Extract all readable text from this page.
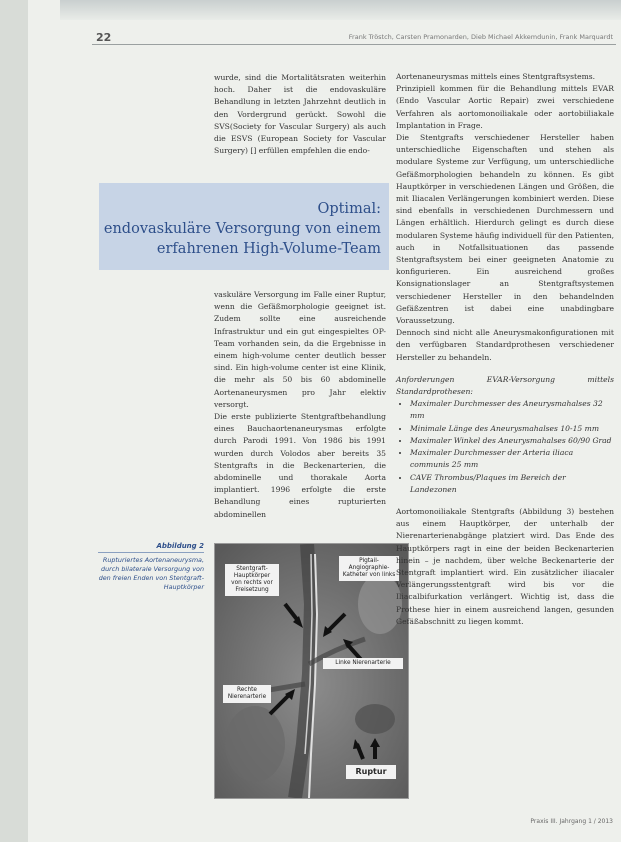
22	Frank Tröstch, Carsten Pramonarden, Dieb Michael Akkemdunin, Frank Marquardt

wurde, sind die Mortalitätsraten weiterhin hoch. Daher ist die endovaskuläre Behandlung in letzten Jahrzehnt deutlich in den Vordergrund gerückt. Sowohl die SVS(Society for Vascular Surgery) als auch die ESVS (European Society for Vascular Surgery) [] erfüllen empfehlen die endo-

Optimal:
endovaskuläre Versorgung von einem
erfahrenen High-Volume-Team

vaskuläre Versorgung im Falle einer Ruptur, wenn die Gefäßmorphologie geeignet ist. Zudem sollte eine ausreichende Infrastruktur und ein gut eingespieltes OP-Team vorhanden sein, da die Ergebnisse in einem high-volume center deutlich besser sind. Ein high-volume center ist eine Klinik, die mehr als 50 bis 60 abdominelle Aortenaneurysmen pro Jahr elektiv versorgt.

Die erste publizierte Stentgraftbehandlung eines Bauchaortenaneurysmas erfolgte durch Parodi 1991. Von 1986 bis 1991 wurden durch Volodos aber bereits 35 Stentgrafts in die Beckenarterien, die abdominelle und thorakale Aorta implantiert. 1996 erfolgte die erste Behandlung eines rupturierten abdominellen

Abbildung 2
Rupturiertes Aortenaneurysma, durch bilaterale Versorgung von den freien Enden von Stentgraft-Hauptkörper
Stentgraft-Hauptkörper von rechts vor Freisetzung
Pigtail-Angiographie-Katheter von links
Linke Nierenarterie
Rechte Nierenarterie
Ruptur

Aortenaneurysmas mittels eines Stentgraftsystems.

Prinzipiell kommen für die Behandlung mittels EVAR (Endo Vascular Aortic Repair) zwei verschiedene Verfahren als aortomonoiliakale oder aortobiiliakale Implantation in Frage.

Die Stentgrafts verschiedener Hersteller haben unterschiedliche Eigenschaften und stehen als modulare Systeme zur Verfügung, um unterschiedliche Gefäßmorphologien behandeln zu können. Es gibt Hauptkörper in verschiedenen Längen und Größen, die mit Iliacalen Verlängerungen kombiniert werden. Diese sind ebenfalls in verschiedenen Durchmessern und Längen erhältlich. Hierdurch gelingt es durch diese modularen Systeme häufig individuell für den Patienten, auch in Notfallsituationen das passende Stentgraftsystem bei einer geeigneten Anatomie zu konfigurieren. Ein ausreichend großes Konsignationslager an Stentgraftsystemen verschiedener Hersteller in den behandelnden Gefäßzentren ist dabei eine unabdingbare Voraussetzung.

Dennoch sind nicht alle Aneurysmakonfigurationen mit den verfügbaren Standardprothesen verschiedener Hersteller zu behandeln.

Anforderungen EVAR-Versorgung mittels Standardprothesen:

• Maximaler Durchmesser des Aneurysmahalses 32 mm
• Minimale Länge des Aneurysmahalses 10-15 mm
• Maximaler Winkel des Aneurysmahalses 60/90 Grad
• Maximaler Durchmesser der Arteria iliaca communis 25 mm
• CAVE Thrombus/Plaques im Bereich der Landezonen

Aortomonoiliakale Stentgrafts (Abbildung 3) bestehen aus einem Hauptkörper, der unterhalb der Nierenarterienabgänge platziert wird. Das Ende des Hauptkörpers ragt in eine der beiden Beckenarterien hinein – je nachdem, über welche Beckenarterie der Stentgraft implantiert wird. Ein zusätzlicher iliacaler Verlängerungsstentgraft wird bis vor die Iliacalbifurkation verlängert. Wichtig ist, dass die Prothese hier in einem ausreichend langen, gesunden Gefäßabschnitt zu liegen kommt.

Praxis III. Jahrgang 1 / 2013
